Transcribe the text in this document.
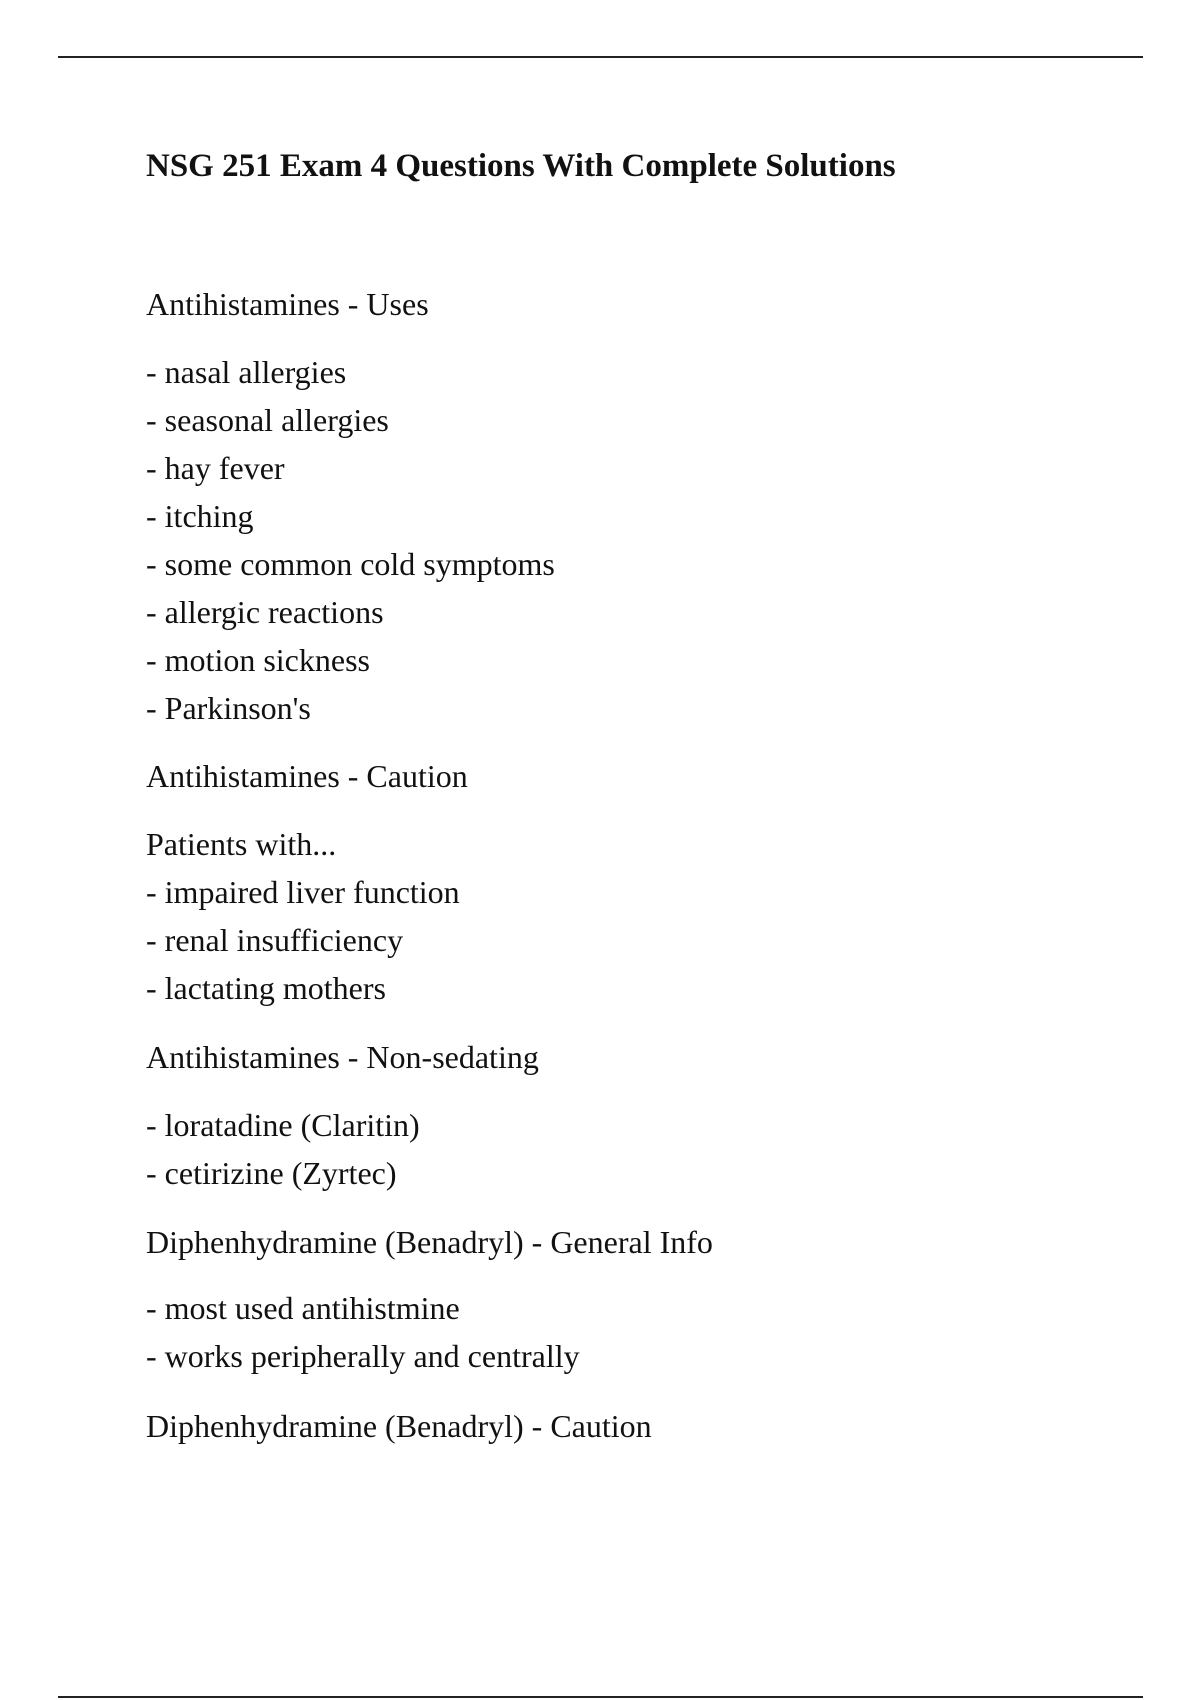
NSG 251 Exam 4 Questions With Complete Solutions

Antihistamines - Uses

- nasal allergies

- seasonal allergies

- hay fever

- itching

- some common cold symptoms

- allergic reactions

- motion sickness

- Parkinson's

Antihistamines - Caution

Patients with...

- impaired liver function

- renal insufficiency

- lactating mothers

Antihistamines - Non-sedating

- loratadine (Claritin)

- cetirizine (Zyrtec)

Diphenhydramine (Benadryl) - General Info

- most used antihistmine

- works peripherally and centrally

Diphenhydramine (Benadryl) - Caution
